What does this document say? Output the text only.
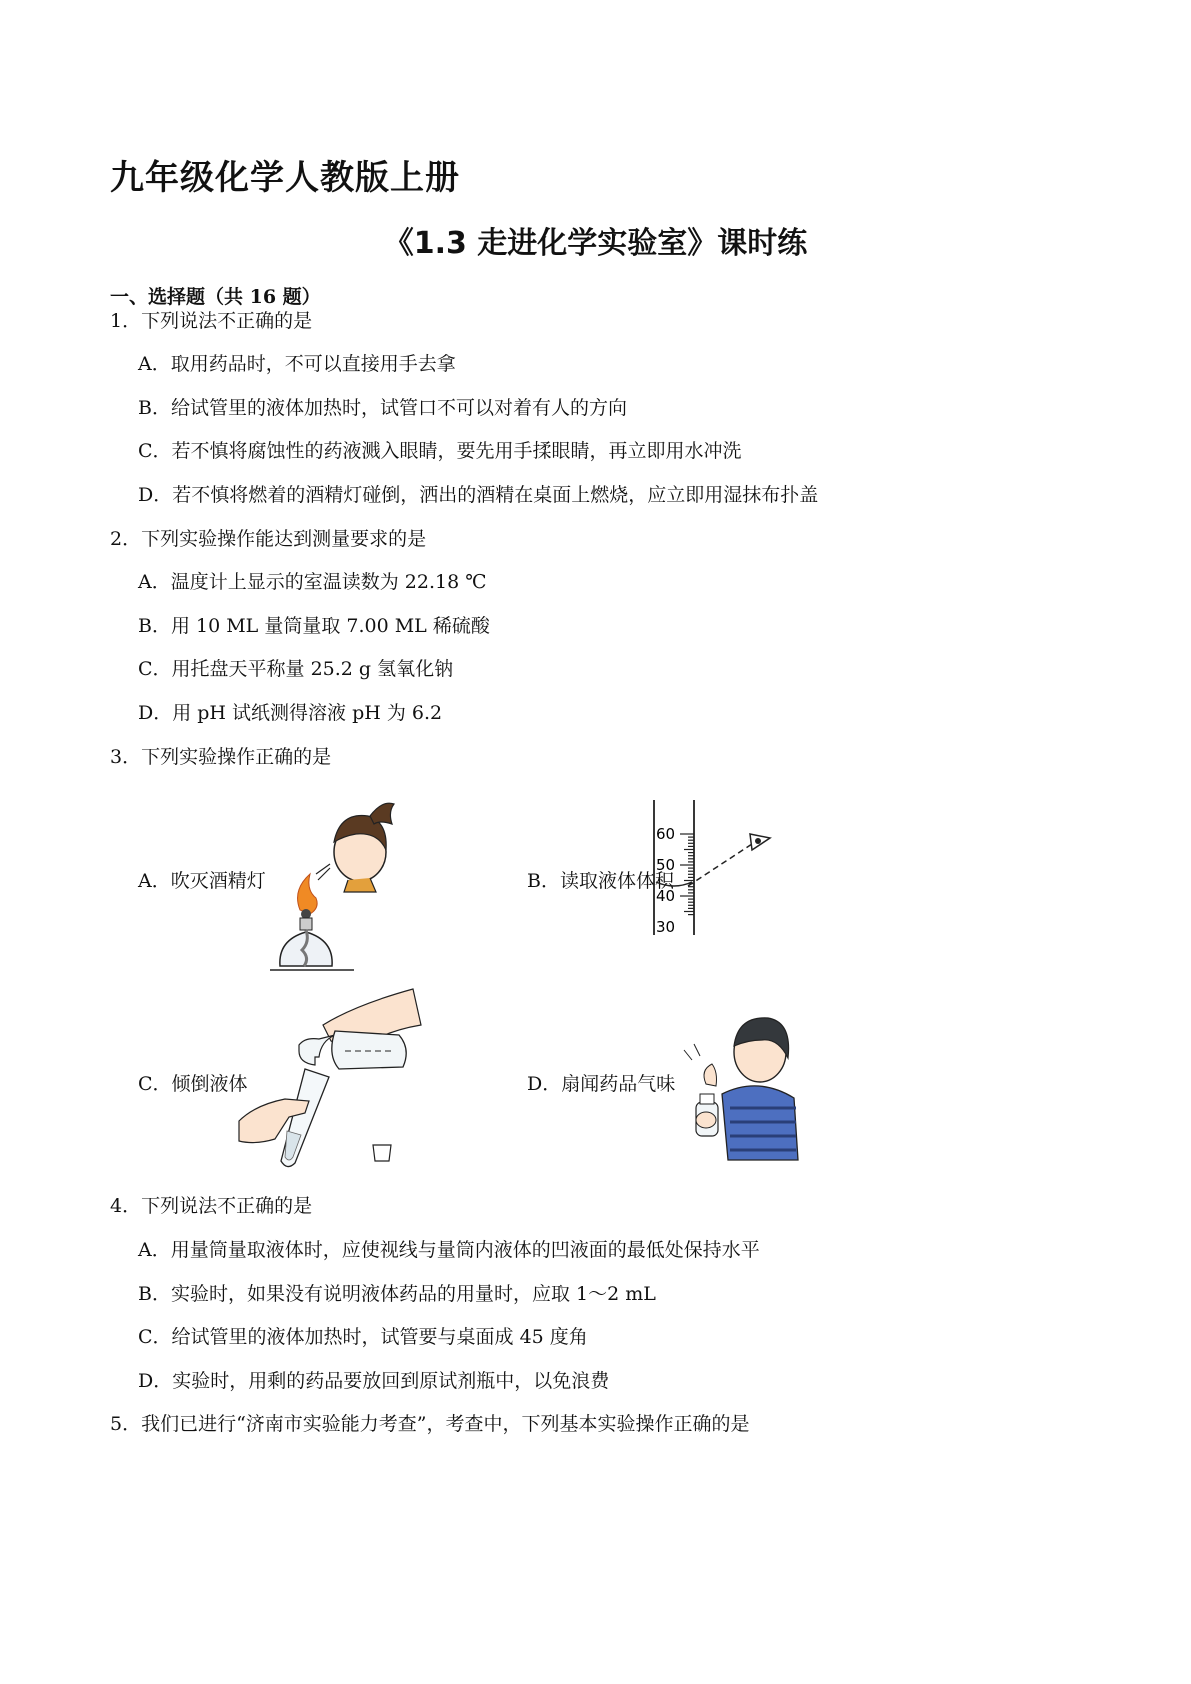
九年级化学人教版上册
《1.3 走进化学实验室》课时练
一、选择题（共 16 题）
1．下列说法不正确的是
A．取用药品时，不可以直接用手去拿
B．给试管里的液体加热时，试管口不可以对着有人的方向
C．若不慎将腐蚀性的药液溅入眼睛，要先用手揉眼睛，再立即用水冲洗
D．若不慎将燃着的酒精灯碰倒，洒出的酒精在桌面上燃烧，应立即用湿抹布扑盖
2．下列实验操作能达到测量要求的是
A．温度计上显示的室温读数为 22.18 ℃
B．用 10 ML 量筒量取 7.00 ML 稀硫酸
C．用托盘天平称量 25.2 g 氢氧化钠
D．用 pH 试纸测得溶液 pH 为 6.2
3．下列实验操作正确的是
A．吹灭酒精灯	B．读取液体体积
C．倾倒液体	D．扇闻药品气味
60
50
40
30
4．下列说法不正确的是
A．用量筒量取液体时，应使视线与量筒内液体的凹液面的最低处保持水平
B．实验时，如果没有说明液体药品的用量时，应取 1～2 mL
C．给试管里的液体加热时，试管要与桌面成 45 度角
D．实验时，用剩的药品要放回到原试剂瓶中，以免浪费
5．我们已进行“济南市实验能力考查”，考查中，下列基本实验操作正确的是
